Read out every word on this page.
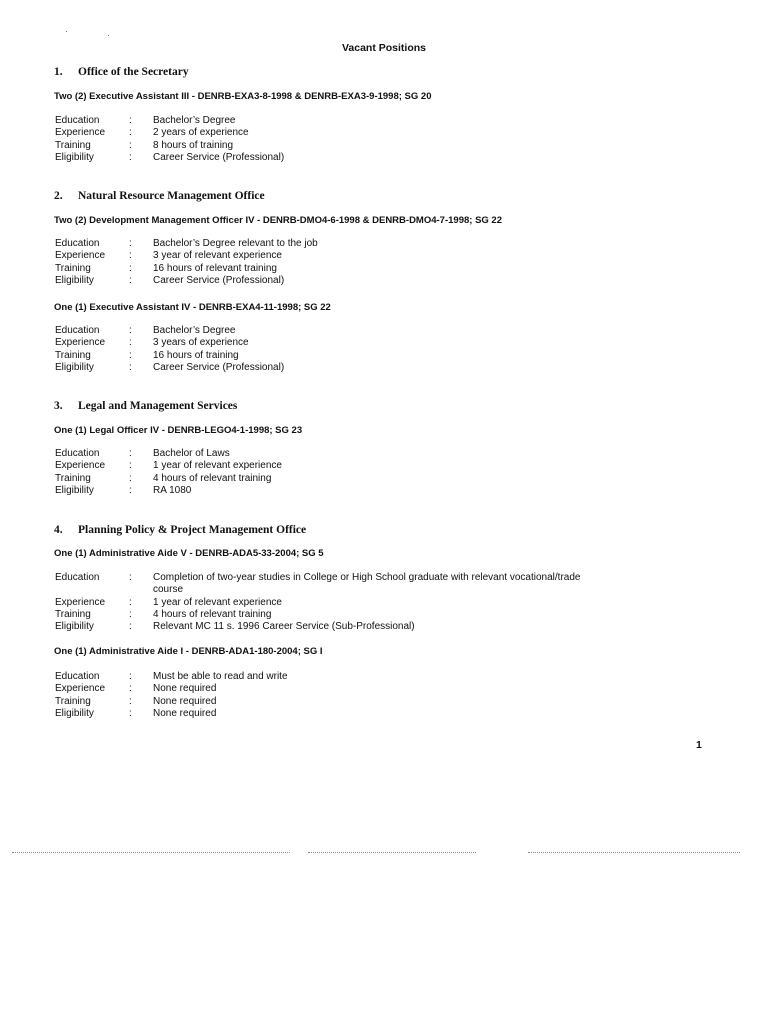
Vacant Positions
1. Office of the Secretary
Two (2) Executive Assistant III - DENRB-EXA3-8-1998 & DENRB-EXA3-9-1998; SG 20
Education	:	Bachelor’s Degree
Experience	:	2 years of experience
Training	:	8 hours of training
Eligibility	:	Career Service (Professional)
2. Natural Resource Management Office
Two (2) Development Management Officer IV - DENRB-DMO4-6-1998 & DENRB-DMO4-7-1998; SG 22
Education	:	Bachelor’s Degree relevant to the job
Experience	:	3 year of relevant experience
Training	:	16 hours of relevant training
Eligibility	:	Career Service (Professional)
One (1) Executive Assistant IV - DENRB-EXA4-11-1998; SG 22
Education	:	Bachelor’s Degree
Experience	:	3 years of experience
Training	:	16 hours of training
Eligibility	:	Career Service (Professional)
3. Legal and Management Services
One (1) Legal Officer IV - DENRB-LEGO4-1-1998; SG 23
Education	:	Bachelor of Laws
Experience	:	1 year of relevant experience
Training	:	4 hours of relevant training
Eligibility	:	RA 1080
4. Planning Policy & Project Management Office
One (1) Administrative Aide V - DENRB-ADA5-33-2004; SG 5
Education	:	Completion of two-year studies in College or High School graduate with relevant vocational/trade course
Experience	:	1 year of relevant experience
Training	:	4 hours of relevant training
Eligibility	:	Relevant MC 11 s. 1996 Career Service (Sub-Professional)
One (1) Administrative Aide I - DENRB-ADA1-180-2004; SG I
Education	:	Must be able to read and write
Experience	:	None required
Training	:	None required
Eligibility	:	None required
1
